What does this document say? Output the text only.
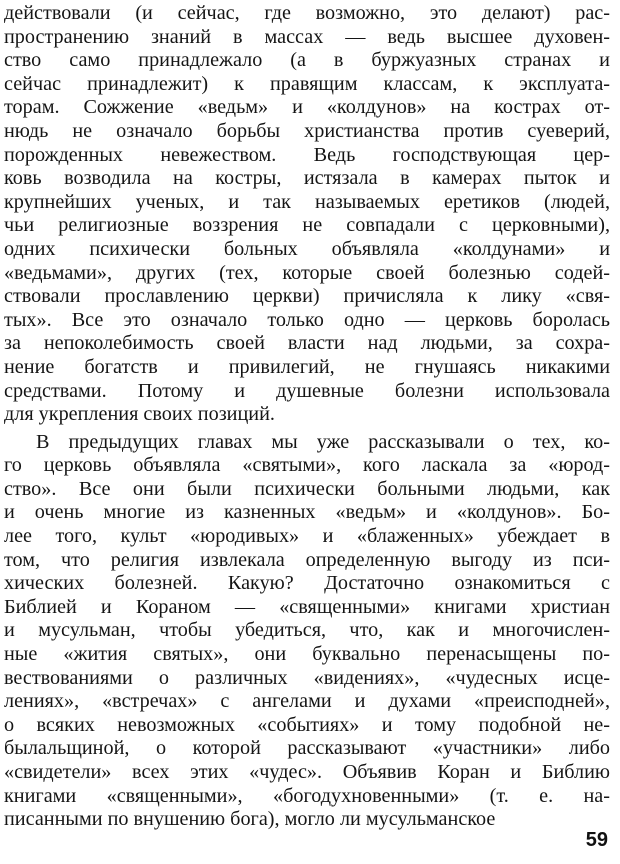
действовали (и сейчас, где возможно, это делают) рас-
пространению знаний в массах — ведь высшее духовен-
ство само принадлежало (а в буржуазных странах и
сейчас принадлежит) к правящим классам, к эксплуата-
торам. Сожжение «ведьм» и «колдунов» на кострах от-
нюдь не означало борьбы христианства против суеверий,
порожденных невежеством. Ведь господствующая цер-
ковь возводила на костры, истязала в камерах пыток и
крупнейших ученых, и так называемых еретиков (людей,
чьи религиозные воззрения не совпадали с церковными),
одних психически больных объявляла «колдунами» и
«ведьмами», других (тех, которые своей болезнью содей-
ствовали прославлению церкви) причисляла к лику «свя-
тых». Все это означало только одно — церковь боролась
за непоколебимость своей власти над людьми, за сохра-
нение богатств и привилегий, не гнушаясь никакими
средствами. Потому и душевные болезни использовала
для укрепления своих позиций.

В предыдущих главах мы уже рассказывали о тех, ко-
го церковь объявляла «святыми», кого ласкала за «юрод-
ство». Все они были психически больными людьми, как
и очень многие из казненных «ведьм» и «колдунов». Бо-
лее того, культ «юродивых» и «блаженных» убеждает в
том, что религия извлекала определенную выгоду из пси-
хических болезней. Какую? Достаточно ознакомиться с
Библией и Кораном — «священными» книгами христиан
и мусульман, чтобы убедиться, что, как и многочислен-
ные «жития святых», они буквально перенасыщены по-
вествованиями о различных «видениях», «чудесных исце-
лениях», «встречах» с ангелами и духами «преисподней»,
о всяких невозможных «событиях» и тому подобной не-
былальщиной, о которой рассказывают «участники» либо
«свидетели» всех этих «чудес». Объявив Коран и Библию
книгами «священными», «богодухновенными» (т. е. на-
писанными по внушению бога), могло ли мусульманское

59
